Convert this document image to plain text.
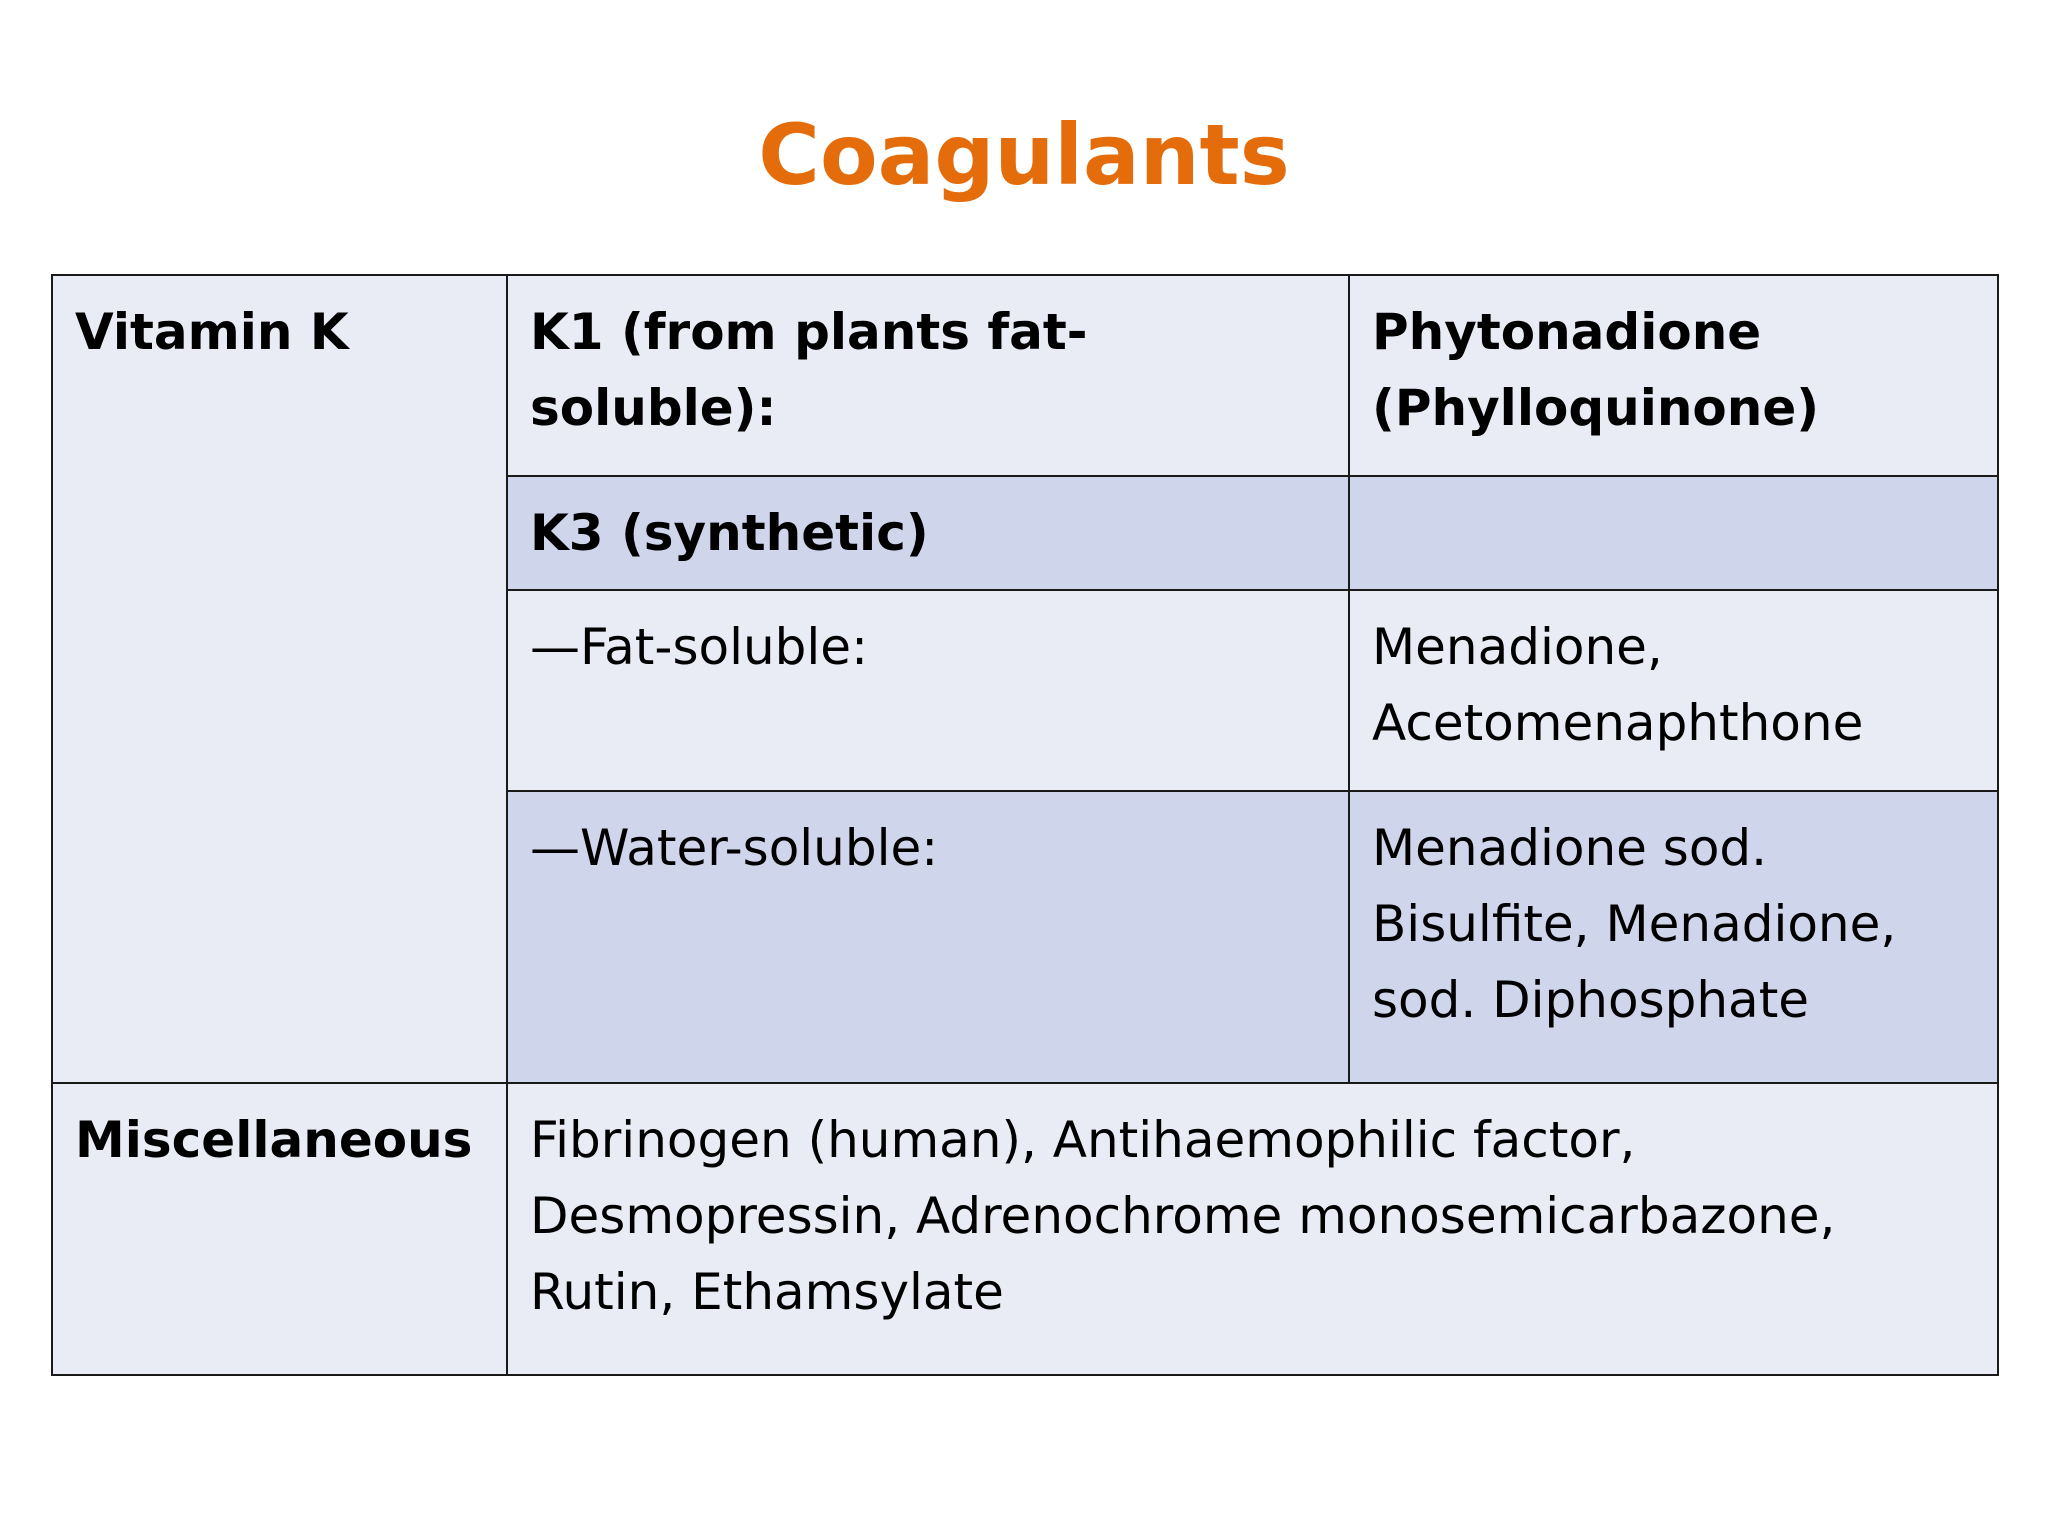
Coagulants
Vitamin K	K1 (from plants fat-soluble):	Phytonadione
(Phylloquinone)

	K3 (synthetic)	
	—Fat-soluble:	Menadione,
Acetomenaphthone

	—Water-soluble:	Menadione sod.
Bisulfite, Menadione,
sod. Diphosphate

Miscellaneous	Fibrinogen (human), Antihaemophilic factor,
Desmopressin, Adrenochrome monosemicarbazone,
Rutin, Ethamsylate	
